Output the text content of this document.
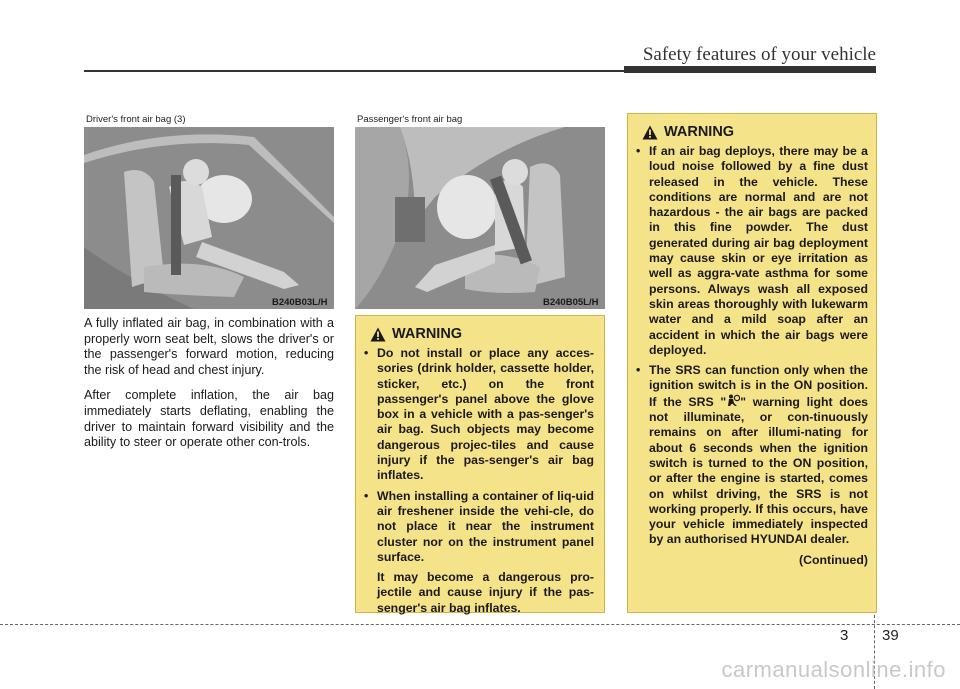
Safety features of your vehicle
Driver's front air bag (3)
B240B03L/H
Passenger's front air bag
B240B05L/H

A fully inflated air bag, in combination with a properly worn seat belt, slows the driver's or the passenger's forward motion, reducing the risk of head and chest injury.

After complete inflation, the air bag immediately starts deflating, enabling the driver to maintain forward visibility and the ability to steer or operate other con-trols.

WARNING
• Do not install or place any acces-sories (drink holder, cassette holder, sticker, etc.) on the front passenger's panel above the glove box in a vehicle with a pas-senger's air bag. Such objects may become dangerous projec-tiles and cause injury if the pas-senger's air bag inflates.
• When installing a container of liq-uid air freshener inside the vehi-cle, do not place it near the instrument cluster nor on the instrument panel surface.

It may become a dangerous pro-jectile and cause injury if the pas-senger's air bag inflates.

WARNING
• If an air bag deploys, there may be a loud noise followed by a fine dust released in the vehicle. These conditions are normal and are not hazardous - the air bags are packed in this fine powder. The dust generated during air bag deployment may cause skin or eye irritation as well as aggra-vate asthma for some persons. Always wash all exposed skin areas thoroughly with lukewarm water and a mild soap after an accident in which the air bags were deployed.
• The SRS can function only when the ignition switch is in the ON position. If the SRS " " warning light does not illuminate, or con-tinuously remains on after illumi-nating for about 6 seconds when the ignition switch is turned to the ON position, or after the engine is started, comes on whilst driving, the SRS is not working properly. If this occurs, have your vehicle immediately inspected by an authorised HYUNDAI dealer.
(Continued)
3 39
carmanualsonline.info
